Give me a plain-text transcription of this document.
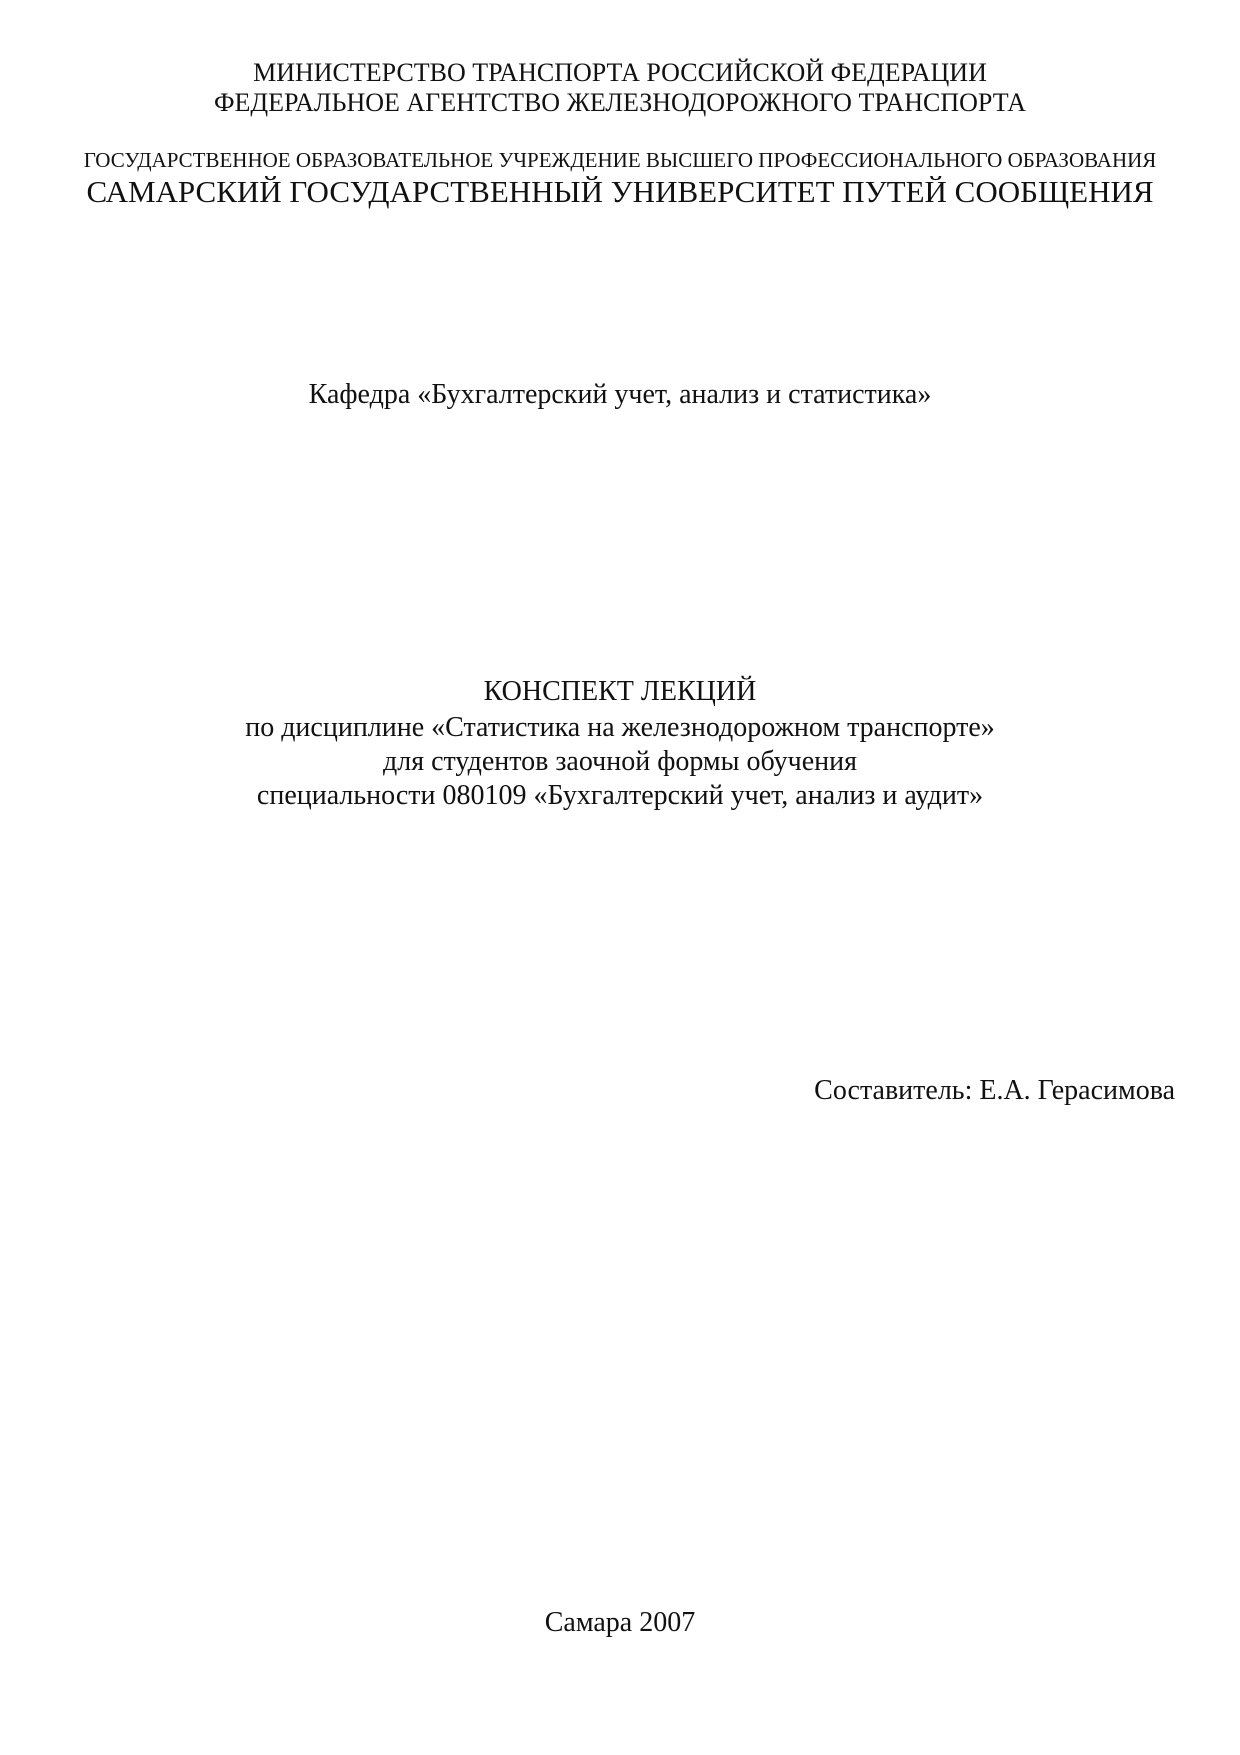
МИНИСТЕРСТВО ТРАНСПОРТА РОССИЙСКОЙ ФЕДЕРАЦИИ
ФЕДЕРАЛЬНОЕ АГЕНТСТВО ЖЕЛЕЗНОДОРОЖНОГО ТРАНСПОРТА
ГОСУДАРСТВЕННОЕ ОБРАЗОВАТЕЛЬНОЕ УЧРЕЖДЕНИЕ ВЫСШЕГО ПРОФЕССИОНАЛЬНОГО ОБРАЗОВАНИЯ
САМАРСКИЙ ГОСУДАРСТВЕННЫЙ УНИВЕРСИТЕТ ПУТЕЙ СООБЩЕНИЯ
Кафедра «Бухгалтерский учет, анализ и статистика»
КОНСПЕКТ ЛЕКЦИЙ
по дисциплине «Статистика на железнодорожном транспорте»
для студентов заочной формы обучения
специальности 080109 «Бухгалтерский учет, анализ и аудит»
Составитель: Е.А. Герасимова
Самара 2007
